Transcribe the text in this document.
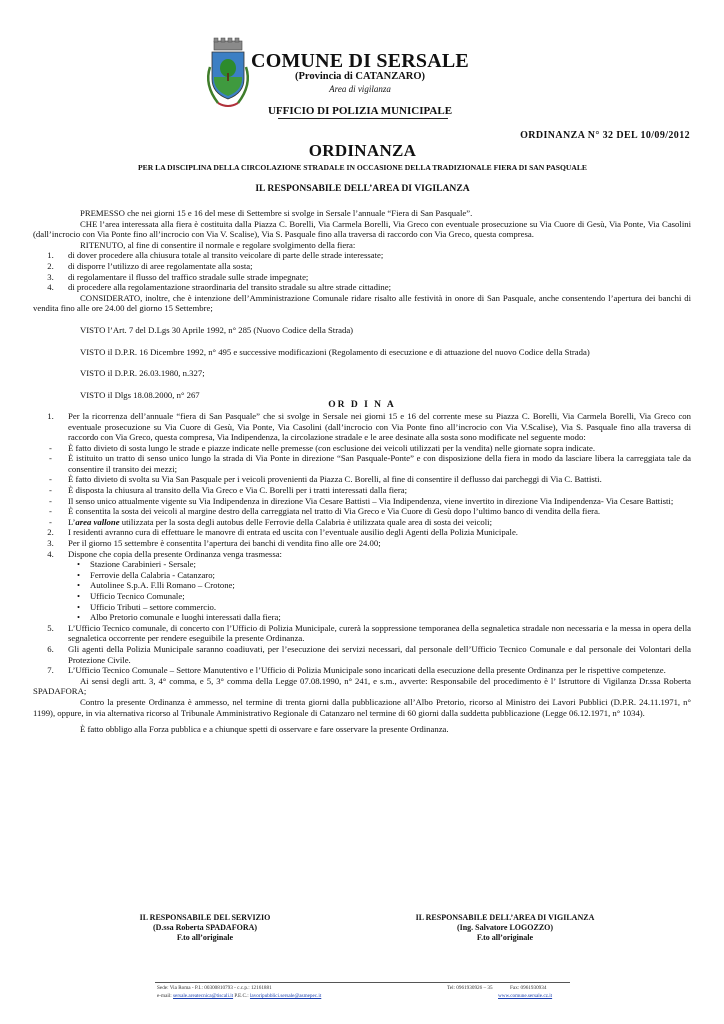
COMUNE DI SERSALE
(Provincia di CATANZARO)
Area di vigilanza
UFFICIO DI POLIZIA MUNICIPALE
ORDINANZA N° 32 DEL 10/09/2012
ORDINANZA
PER LA DISCIPLINA DELLA CIRCOLAZIONE STRADALE IN OCCASIONE DELLA TRADIZIONALE FIERA DI SAN PASQUALE
IL RESPONSABILE DELL’AREA DI VIGILANZA

PREMESSO che nei giorni 15 e 16 del mese di Settembre si svolge in Sersale l’annuale “Fiera di San Pasquale”.

CHE l’area interessata alla fiera è costituita dalla Piazza C. Borelli, Via Carmela Borelli, Via Greco con eventuale prosecuzione su Via Cuore di Gesù, Via Ponte, Via Casolini (dall’incrocio con Via Ponte fino all’incrocio con Via V. Scalise), Via S. Pasquale fino alla traversa di raccordo con Via Greco, questa compresa.

RITENUTO, al fine di consentire il normale e regolare svolgimento della fiera:

1.	di dover procedere alla chiusura totale al transito veicolare di parte delle strade interessate;
2.	di disporre l’utilizzo di aree regolamentate alla sosta;
3.	di regolamentare il flusso del traffico stradale sulle strade impegnate;
4.	di procedere alla regolamentazione straordinaria del transito stradale su altre strade cittadine;

CONSIDERATO, inoltre, che è intenzione dell’Amministrazione Comunale ridare risalto alle festività in onore di San Pasquale, anche consentendo l’apertura dei banchi di vendita fino alle ore 24.00 del giorno 15 Settembre;

VISTO l’Art. 7 del D.Lgs 30 Aprile 1992, n° 285 (Nuovo Codice della Strada)

VISTO il D.P.R. 16 Dicembre 1992, n° 495 e successive modificazioni (Regolamento di esecuzione e di attuazione del nuovo Codice della Strada)

VISTO il D.P.R. 26.03.1980, n.327;

VISTO il Dlgs 18.08.2000, n° 267

OR D I N A

1.	Per la ricorrenza dell’annuale “fiera di San Pasquale” che si svolge in Sersale nei giorni 15 e 16 del corrente mese su Piazza C. Borelli, Via Carmela Borelli, Via Greco con eventuale prosecuzione su Via Cuore di Gesù, Via Ponte, Via Casolini (dall’incrocio con Via Ponte fino all’incrocio con Via V.Scalise), Via S. Pasquale fino alla traversa di raccordo con Via Greco, questa compresa, Via Indipendenza, la circolazione stradale e le aree desinate alla sosta sono modificate nel seguente modo:
-	È fatto divieto di sosta lungo le strade e piazze indicate nelle premesse (con esclusione dei veicoli utilizzati per la vendita) nelle giornate sopra indicate.
-	È istituito un tratto di senso unico lungo la strada di Via Ponte in direzione “San Pasquale-Ponte” e con disposizione della fiera in modo da lasciare libera la carreggiata tale da consentire il transito dei mezzi;
-	È fatto divieto di svolta su Via San Pasquale per i veicoli provenienti da Piazza C. Borelli, al fine di consentire il deflusso dai parcheggi di Via C. Battisti.
-	È disposta la chiusura al transito della Via Greco e Via C. Borelli per i tratti interessati dalla fiera;
-	Il senso unico attualmente vigente su Via Indipendenza in direzione Via Cesare Battisti – Via Indipendenza, viene invertito in direzione Via Indipendenza- Via Cesare Battisti;
-	È consentita la sosta dei veicoli al margine destro della carreggiata nel tratto di Via Greco e Via Cuore di Gesù dopo l’ultimo banco di vendita della fiera.
-	L’area vallone utilizzata per la sosta degli autobus delle Ferrovie della Calabria è utilizzata quale area di sosta dei veicoli;
2.	I residenti avranno cura di effettuare le manovre di entrata ed uscita con l’eventuale ausilio degli Agenti della Polizia Municipale.
3.	Per il giorno 15 settembre è consentita l’apertura dei banchi di vendita fino alle ore 24.00;
4.	Dispone che copia della presente Ordinanza venga trasmessa:
• Stazione Carabinieri - Sersale;
• Ferrovie della Calabria - Catanzaro;
• Autolinee S.p.A. F.lli Romano – Crotone;
• Ufficio Tecnico Comunale;
• Ufficio Tributi – settore commercio.
• Albo Pretorio comunale e luoghi interessati dalla fiera;
5.	L’Ufficio Tecnico comunale, di concerto con l’Ufficio di Polizia Municipale, curerà la soppressione temporanea della segnaletica stradale non necessaria e la messa in opera della segnaletica occorrente per rendere eseguibile la presente Ordinanza.
6.	Gli agenti della Polizia Municipale saranno coadiuvati, per l’esecuzione dei servizi necessari, dal personale dell’Ufficio Tecnico Comunale e dal personale dei Volontari della Protezione Civile.
7.	L’Ufficio Tecnico Comunale – Settore Manutentivo e l’Ufficio di Polizia Municipale sono incaricati della esecuzione della presente Ordinanza per le rispettive competenze.

Ai sensi degli artt. 3, 4° comma, e 5, 3° comma della Legge 07.08.1990, n° 241, e s.m., avverte: Responsabile del procedimento è l’ Istruttore di Vigilanza Dr.ssa Roberta SPADAFORA;

Contro la presente Ordinanza è ammesso, nel termine di trenta giorni dalla pubblicazione all’Albo Pretorio, ricorso al Ministro dei Lavori Pubblici (D.P.R. 24.11.1971, n° 1199), oppure, in via alternativa ricorso al Tribunale Amministrativo Regionale di Catanzaro nel termine di 60 giorni dalla suddetta pubblicazione (Legge 06.12.1971, n° 1034).

È fatto obbligo alla Forza pubblica e a chiunque spetti di osservare e fare osservare la presente Ordinanza.

IL RESPONSABILE DEL SERVIZIO
(D.ssa Roberta SPADAFORA)
F.to all’originale
IL RESPONSABILE DELL’AREA DI VIGILANZA
(Ing. Salvatore LOGOZZO)
F.to all’originale
Sede: Via Roma - P.I.: 00300810793 - c.c.p.: 12161881	Tel: 0961930926 – 35	Fax: 0961930934
e-mail: sersale.areatecnica@tiscali.it P.E.C.: lavoripubblici.sersale@asmepec.it	www.comune.sersale.cz.it
